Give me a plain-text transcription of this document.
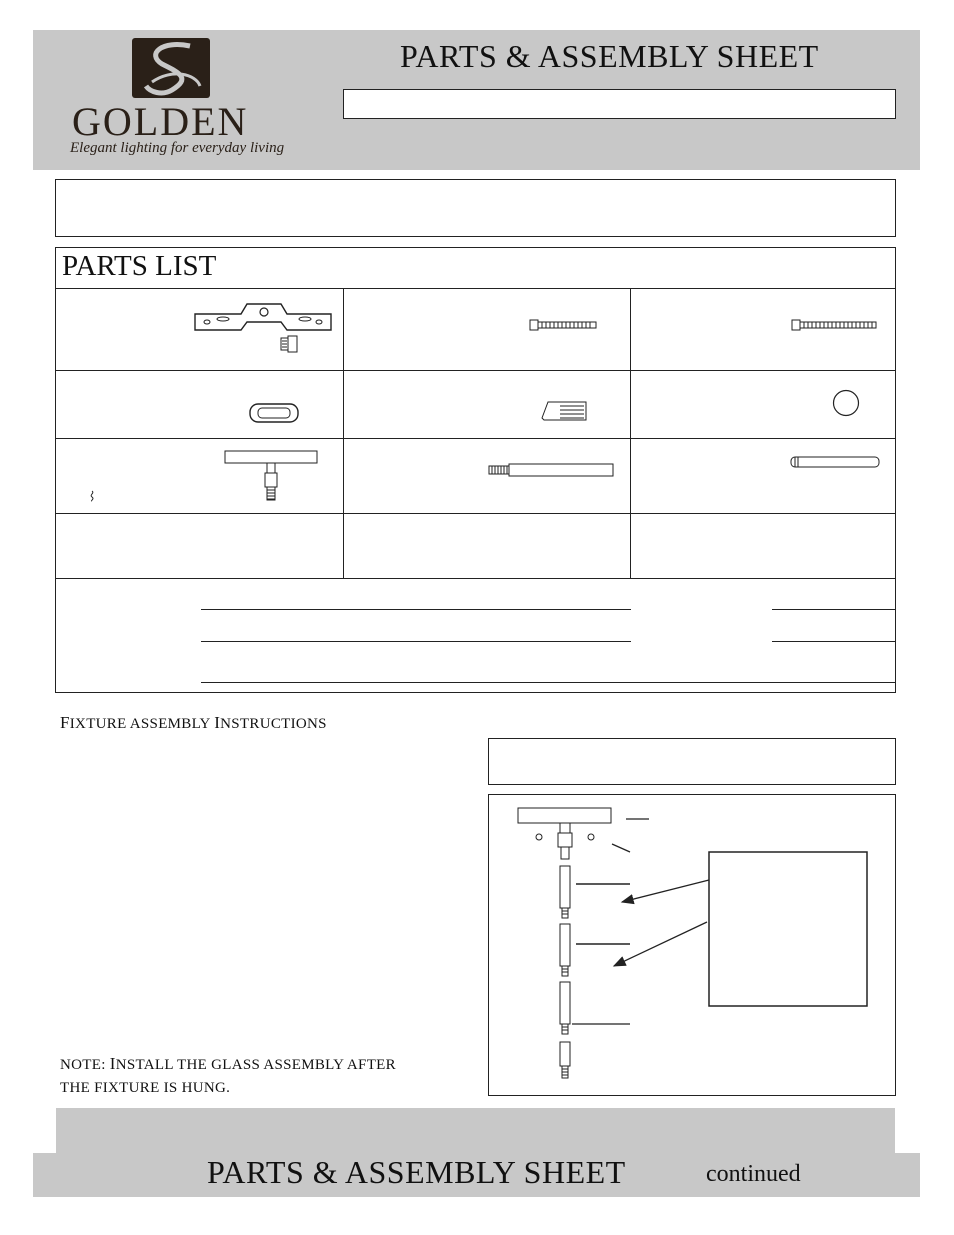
GOLDEN
Elegant lighting for everyday living
PARTS & ASSEMBLY SHEET
PARTS LIST
FIXTURE ASSEMBLY INSTRUCTIONS
NOTE: INSTALL THE GLASS ASSEMBLY AFTER
THE FIXTURE IS HUNG.
PARTS & ASSEMBLY SHEET	continued
